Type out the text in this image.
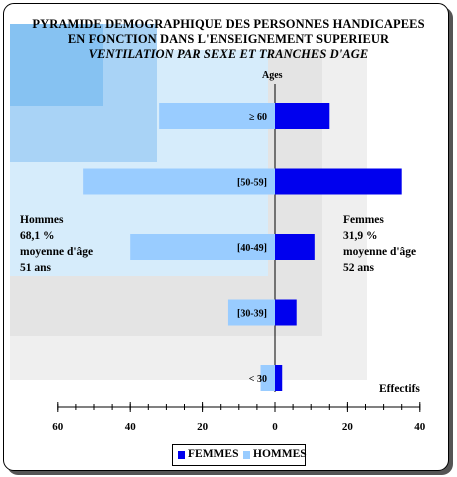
PYRAMIDE DEMOGRAPHIQUE DES PERSONNES HANDICAPEES
EN FONCTION DANS L'ENSEIGNEMENT SUPERIEUR
VENTILATION PAR SEXE ET TRANCHES D'AGE
Ages
Effectifs
Hommes
68,1 %
moyenne d'âge
51 ans
Femmes
31,9 %
moyenne d'âge
52 ans
≥ 60
[50-59]
[40-49]
[30-39]
< 30
60	40	20	0	20	40
FEMMES HOMMES
